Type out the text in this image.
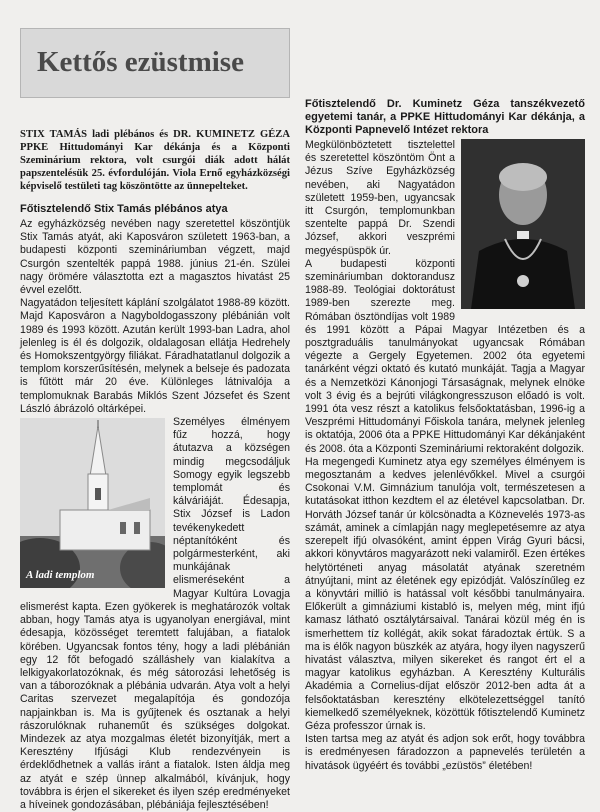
Kettős ezüstmise

STIX TAMÁS ladi plébános és DR. KUMINETZ GÉZA PPKE Hittudományi Kar dékánja és a Központi Szeminárium rektora, volt csurgói diák adott hálát papszentelésük 25. évfordulóján. Viola Ernő egyházközségi képviselő testületi tag köszöntötte az ünnepelteket.

Főtisztelendő Stix Tamás plébános atya

Az egyházközség nevében nagy szeretettel köszöntjük Stix Tamás atyát, aki Kaposváron született 1963-ban, a budapesti központi szemináriumban végzett, majd Csurgón szentelték pappá 1988. június 21-én. Szülei nagy örömére választotta ezt a magasztos hivatást 25 évvel ezelőtt.

Nagyatádon teljesített káplání szolgálatot 1988-89 között. Majd Kaposváron a Nagyboldogasszony plébánián volt 1989 és 1993 között. Azután került 1993-ban Ladra, ahol jelenleg is él és dolgozik, oldalagosan ellátja Hedrehely és Homokszentgyörgy filiákat. Fáradhatatlanul dolgozik a templom korszerűsítésén, melynek a belseje és padozata is fűtött már 20 éve. Különleges látnivalója a templomuknak Barabás Miklós Szent Józsefet és Szent László ábrázoló oltárképei.

A ladi templom

Személyes élményem fűz hozzá, hogy átutazva a községen mindig megcsodáljuk Somogy egyik legszebb templomát és kálváriáját. Édesapja, Stix József is Ladon tevékenykedett néptanítóként és polgármesterként, aki munkájának elismeréseként a Magyar Kultúra Lovagja elismerést kapta. Ezen gyökerek is meghatározók voltak abban, hogy Tamás atya is ugyanolyan energiával, mint édesapja, közösséget teremtett falujában, a fiatalok körében. Ugyancsak fontos tény, hogy a ladi plébánián egy 12 főt befogadó szálláshely van kialakítva a lelkigyakorlatozóknak, és még sátorozási lehetőség is van a táborozóknak a plébánia udvarán. Atya volt a helyi Caritas szervezet megalapítója és gondozója napjainkban is. Ma is gyűjtenek és osztanak a helyi rászorulóknak ruhaneműt és szükséges dolgokat. Mindezek az atya mozgalmas életét bizonyítják, mert a Keresztény Ifjúsági Klub rendezvényein is érdeklődhetnek a vallás iránt a fiatalok. Isten áldja meg az atyát e szép ünnep alkalmából, kívánjuk, hogy továbbra is érjen el sikereket és ilyen szép eredményeket a híveinek gondozásában, plébániája fejlesztésében!

Főtisztelendő Dr. Kuminetz Géza tanszékvezető egyetemi tanár, a PPKE Hittudományi Kar dékánja, a Központi Papnevelő Intézet rektora

Megkülönböztetett tisztelettel és szeretettel köszöntöm Önt a Jézus Szíve Egyházközség nevében, aki Nagyatádon született 1959-ben, ugyancsak itt Csurgón, templomunkban szentelte pappá Dr. Szendi József, akkori veszprémi megyéspüspök úr.

A budapesti központi szemináriumban doktorandusz 1988-89. Teológiai doktorátust 1989-ben szerezte meg. Rómában ösztöndíjas volt 1989 és 1991 között a Pápai Magyar Intézetben és a posztgraduális tanulmányokat ugyancsak Rómában végezte a Gergely Egyetemen. 2002 óta egyetemi tanárként végzi oktató és kutató munkáját. Tagja a Magyar és a Nemzetközi Kánonjogi Társaságnak, melynek elnöke volt 3 évig és a bejrúti világkongresszuson előadó is volt. 1991 óta vesz részt a katolikus felsőoktatásban, 1996-ig a Veszprémi Hittudományi Főiskola tanára, melynek jelenleg is oktatója, 2006 óta a PPKE Hittudományi Kar dékánjaként és 2008. óta a Központi Szemináriumi rektoraként dolgozik.

Ha megengedi Kuminetz atya egy személyes élményem is megosztanám a kedves jelenlévőkkel. Mivel a csurgói Csokonai V.M. Gimnázium tanulója volt, természetesen a kutatásokat itthon kezdtem el az életével kapcsolatban. Dr. Horváth József tanár úr kölcsönadta a Köznevelés 1973-as számát, aminek a címlapján nagy meglepetésemre az atya szerepelt ifjú olvasóként, amint éppen Virág Gyuri bácsi, akkori könyvtáros magyarázott neki valamiről. Ezen értékes helytörténeti anyag másolatát atyának szeretném átnyújtani, mint az életének egy epizódját. Valószínűleg ez a könyvtári millió is hatással volt későbbi tanulmányaira. Előkerült a gimnáziumi kistabló is, melyen még, mint ifjú kamasz látható osztálytársaival. Tanárai közül még én is ismerhettem tíz kollégát, akik sokat fáradoztak értük. S a ma is élők nagyon büszkék az atyára, hogy ilyen nagyszerű hivatást választva, milyen sikereket és rangot ért el a magyar katolikus egyházban. A Keresztény Kulturális Akadémia a Cornelius-díjat először 2012-ben adta át a felsőoktatásban keresztény elkötelezettséggel tanító kiemelkedő személyeknek, közöttük főtisztelendő Kuminetz Géza professzor úrnak is.

Isten tartsa meg az atyát és adjon sok erőt, hogy továbbra is eredményesen fáradozzon a papnevelés területén a hivatások ügyéért és további „ezüstös” életében!
